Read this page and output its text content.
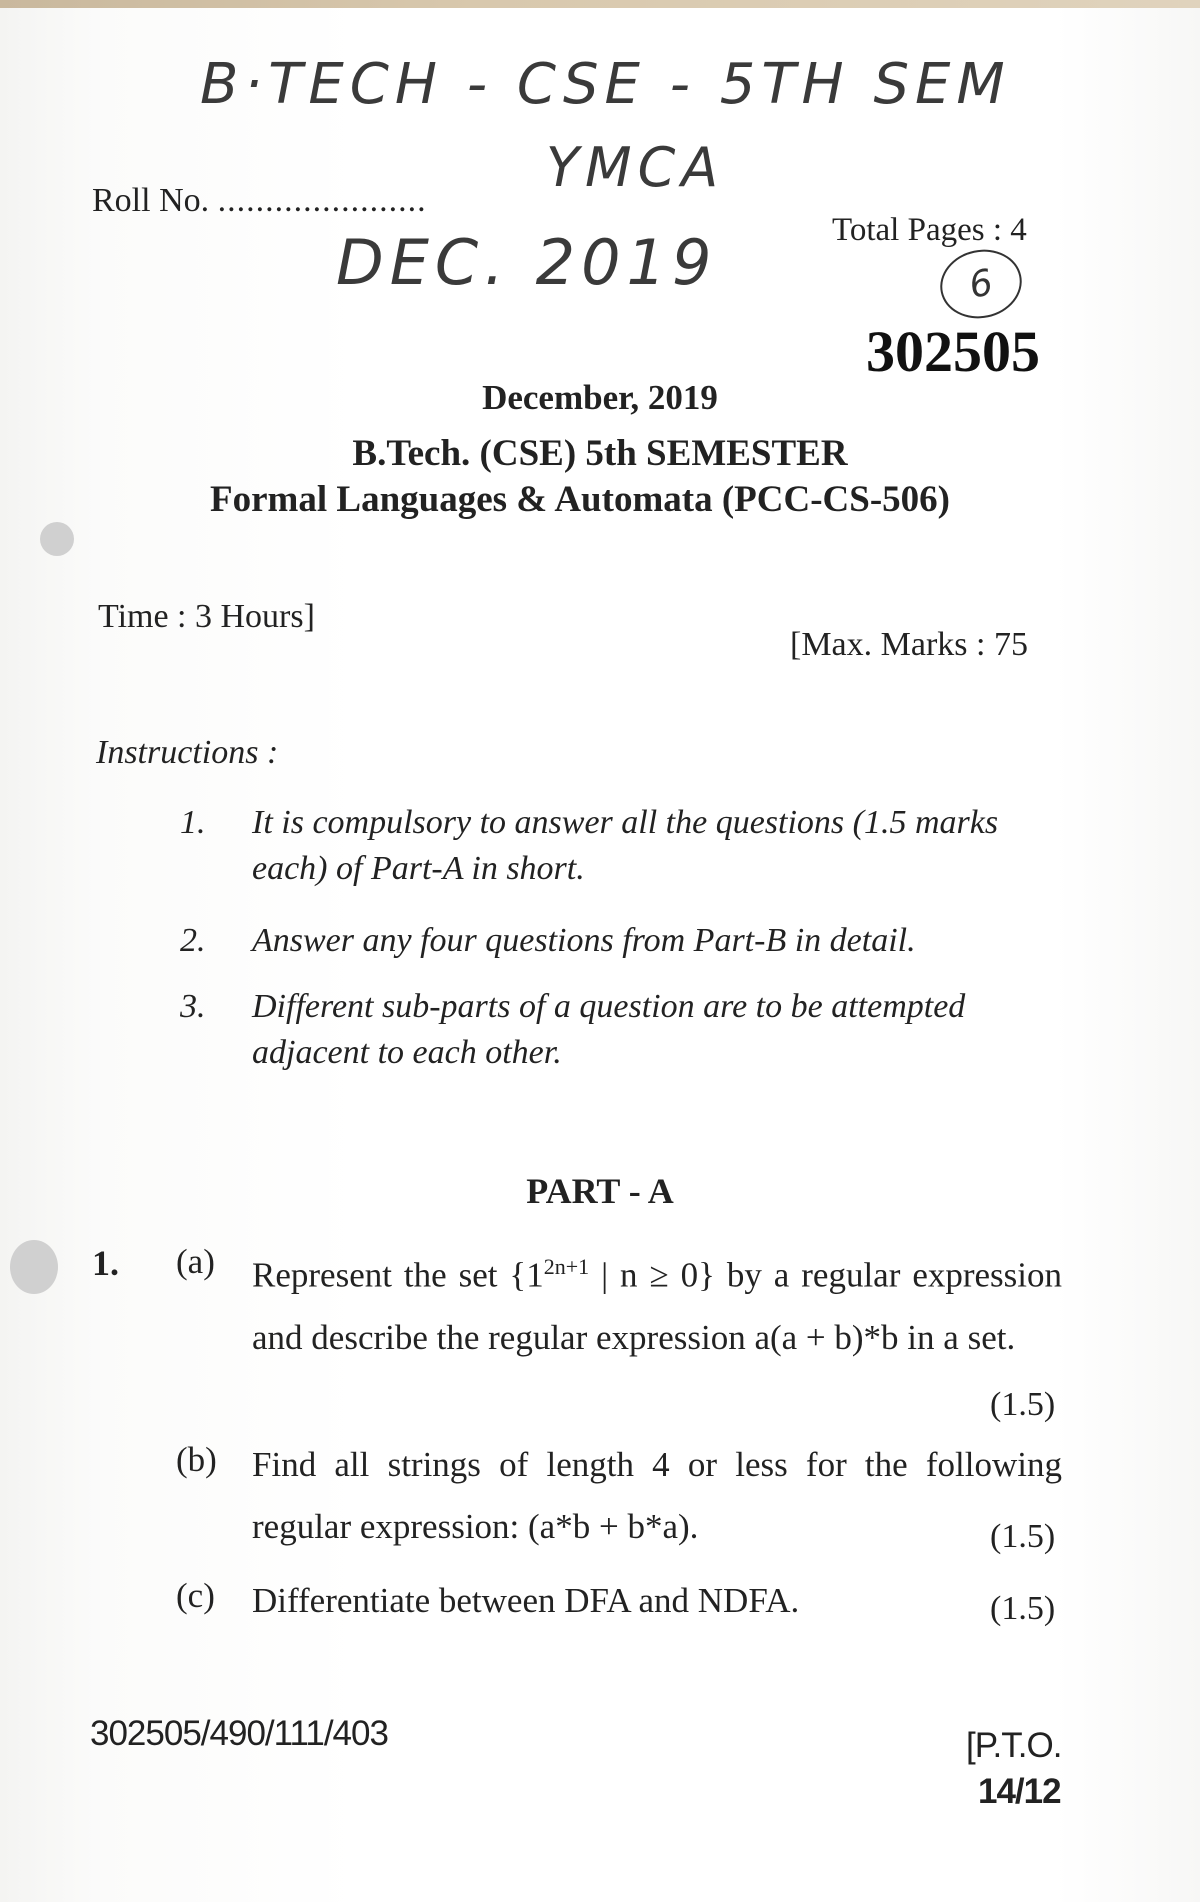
B·TECH - CSE - 5TH SEM
YMCA
DEC. 2019
Roll No. ......................
Total Pages : 4
6
302505
December, 2019
B.Tech. (CSE) 5th SEMESTER
Formal Languages & Automata (PCC-CS-506)
Time : 3 Hours]
[Max. Marks : 75
Instructions :
1. It is compulsory to answer all the questions (1.5 marks each) of Part-A in short.
2. Answer any four questions from Part-B in detail.
3. Different sub-parts of a question are to be attempted adjacent to each other.
PART - A
1. (a) Represent the set {$1^{2n+1}$ | n ≥ 0} by a regular expression and describe the regular expression a(a + b)*b in a set.
(1.5)
(b) Find all strings of length 4 or less for the following regular expression: (a*b + b*a).	(1.5)
(c) Differentiate between DFA and NDFA.	(1.5)
302505/490/111/403	[P.T.O.
14/12
